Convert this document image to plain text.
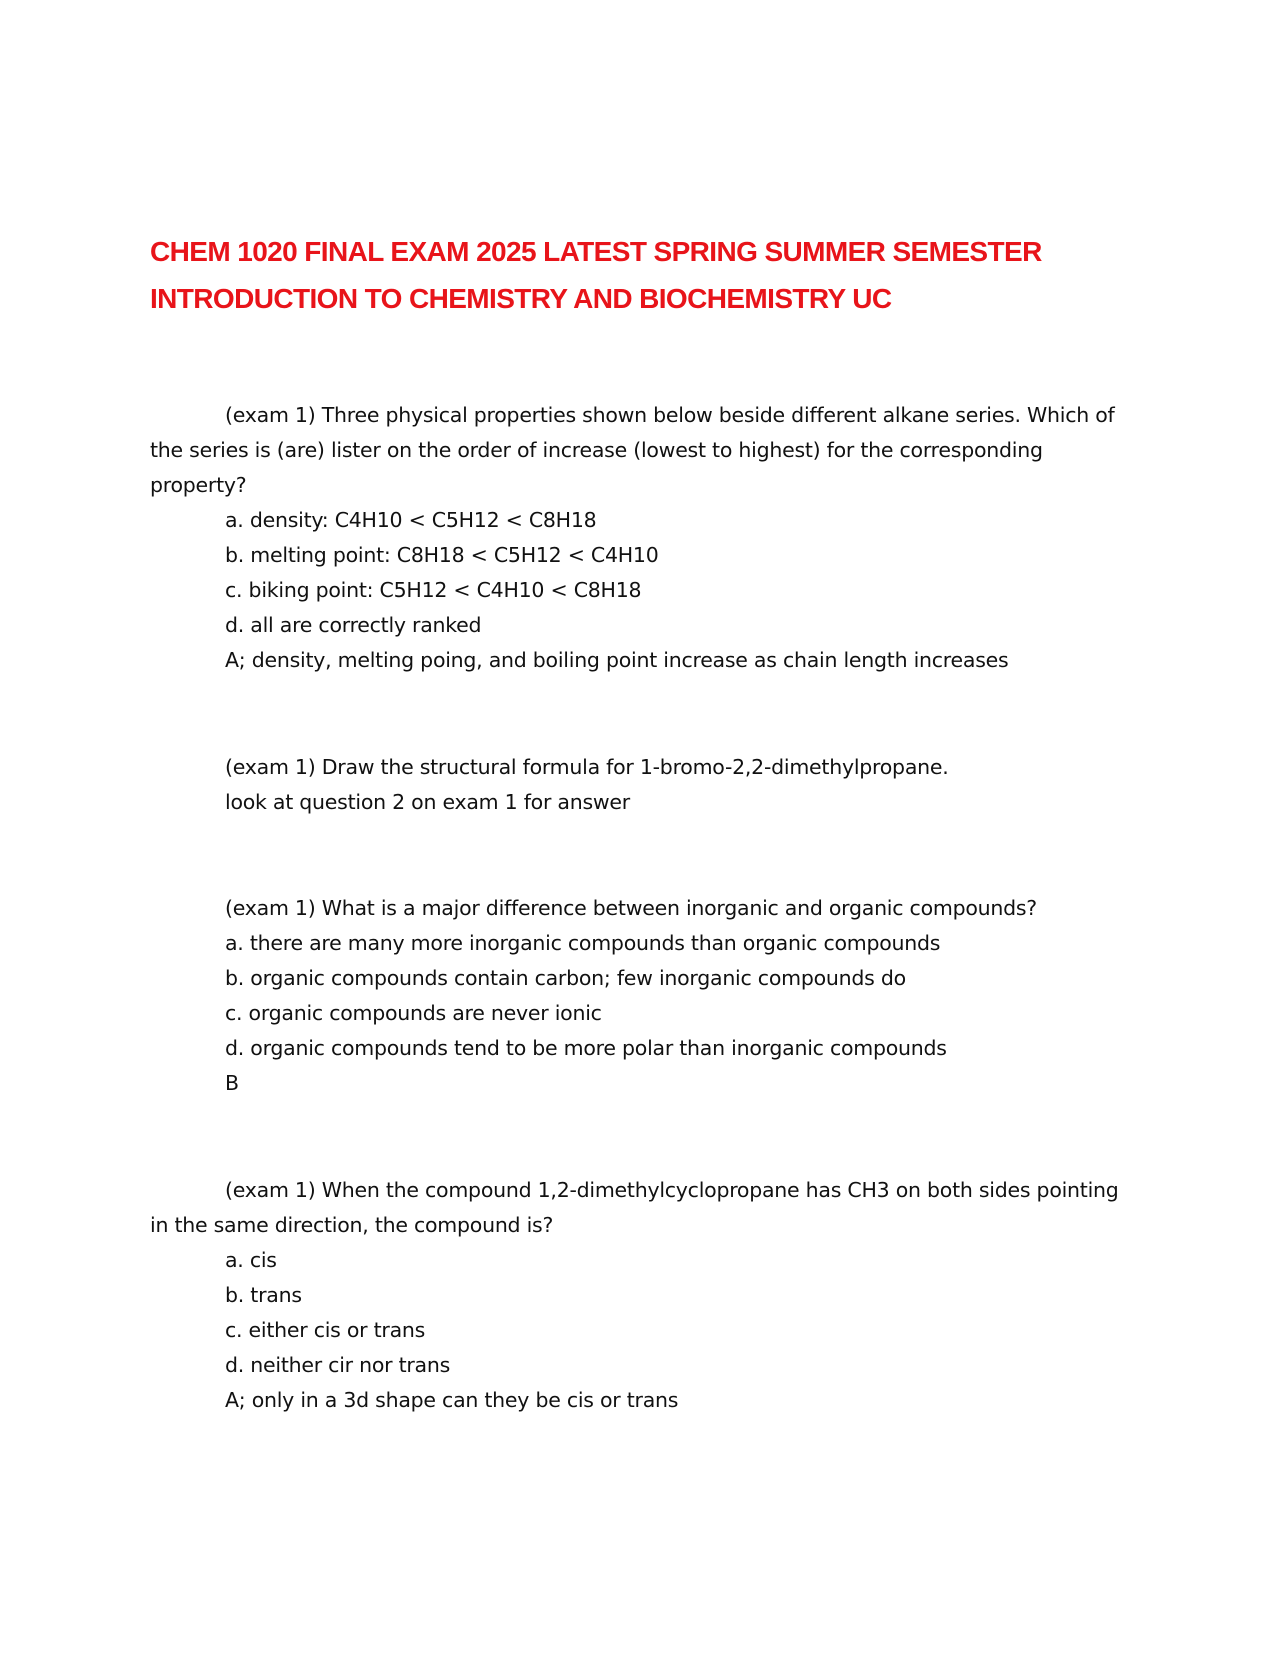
CHEM 1020 FINAL EXAM 2025 LATEST SPRING SUMMER SEMESTER
INTRODUCTION TO CHEMISTRY AND BIOCHEMISTRY UC
(exam 1) Three physical properties shown below beside different alkane series. Which of
the series is (are) lister on the order of increase (lowest to highest) for the corresponding
property?
a. density: C4H10 < C5H12 < C8H18
b. melting point: C8H18 < C5H12 < C4H10
c. biking point: C5H12 < C4H10 < C8H18
d. all are correctly ranked
A; density, melting poing, and boiling point increase as chain length increases
(exam 1) Draw the structural formula for 1-bromo-2,2-dimethylpropane.
look at question 2 on exam 1 for answer
(exam 1) What is a major difference between inorganic and organic compounds?
a. there are many more inorganic compounds than organic compounds
b. organic compounds contain carbon; few inorganic compounds do
c. organic compounds are never ionic
d. organic compounds tend to be more polar than inorganic compounds
B
(exam 1) When the compound 1,2-dimethylcyclopropane has CH3 on both sides pointing
in the same direction, the compound is?
a. cis
b. trans
c. either cis or trans
d. neither cir nor trans
A; only in a 3d shape can they be cis or trans
